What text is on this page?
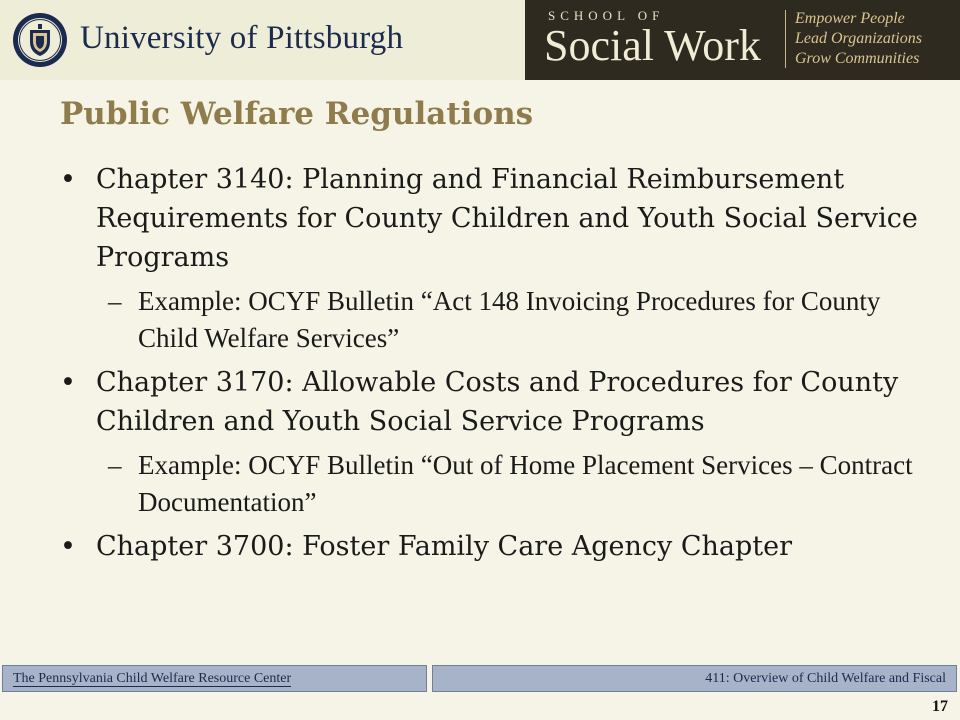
University of Pittsburgh
SCHOOL OF
Social Work
Empower People
Lead Organizations
Grow Communities
Public Welfare Regulations
• Chapter 3140: Planning and Financial Reimbursement Requirements for County Children and Youth Social Service Programs
– Example: OCYF Bulletin “Act 148 Invoicing Procedures for County Child Welfare Services”
• Chapter 3170: Allowable Costs and Procedures for County Children and Youth Social Service Programs
– Example: OCYF Bulletin “Out of Home Placement Services – Contract Documentation”
• Chapter 3700: Foster Family Care Agency Chapter
The Pennsylvania Child Welfare Resource Center	411: Overview of Child Welfare and Fiscal
17
